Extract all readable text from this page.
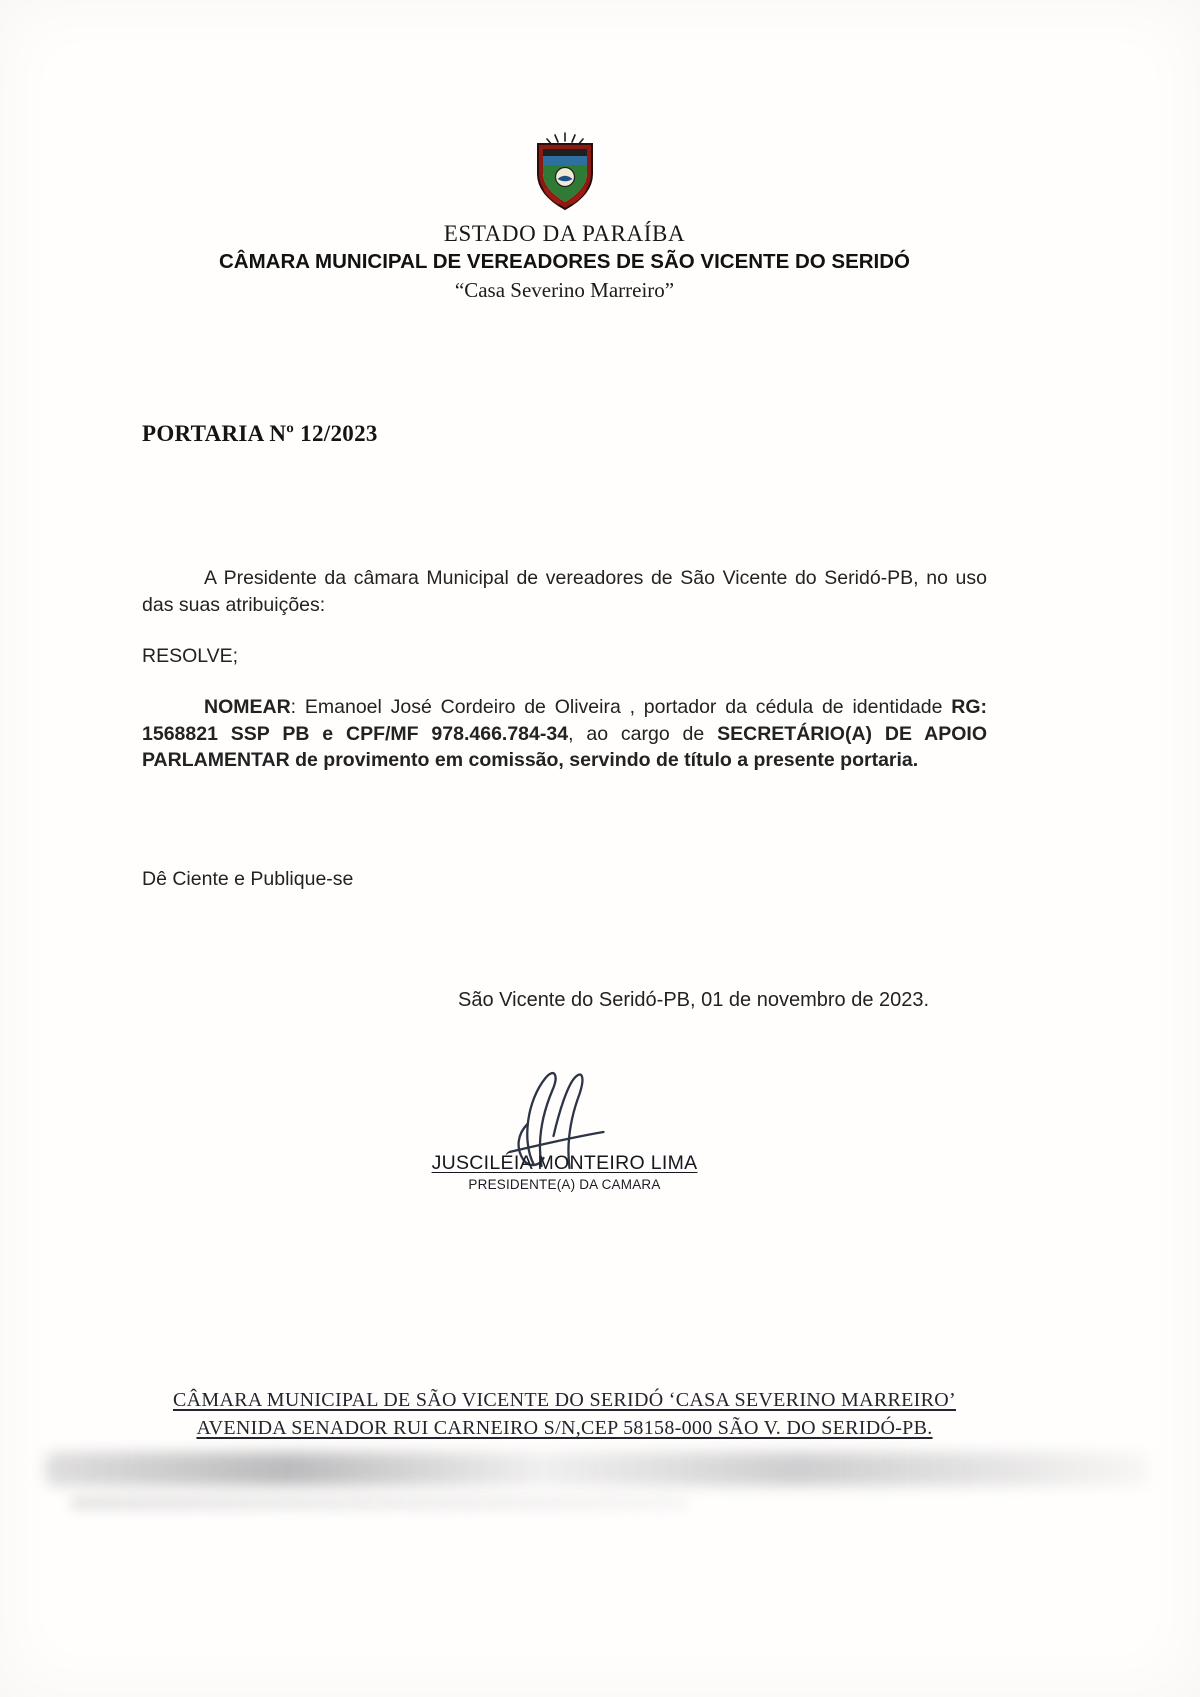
ESTADO DA PARAÍBA
CÂMARA MUNICIPAL DE VEREADORES DE SÃO VICENTE DO SERIDÓ
“Casa Severino Marreiro”
PORTARIA Nº 12/2023

A Presidente da câmara Municipal de vereadores de São Vicente do Seridó-PB, no uso das suas atribuições:

RESOLVE;

NOMEAR: Emanoel José Cordeiro de Oliveira , portador da cédula de identidade RG: 1568821 SSP PB e CPF/MF 978.466.784-34, ao cargo de SECRETÁRIO(A) DE APOIO PARLAMENTAR de provimento em comissão, servindo de título a presente portaria.

Dê Ciente e Publique-se

São Vicente do Seridó-PB, 01 de novembro de 2023.
JUSCILÉIA MONTEIRO LIMA
PRESIDENTE(A) DA CAMARA
CÂMARA MUNICIPAL DE SÃO VICENTE DO SERIDÓ ‘CASA SEVERINO MARREIRO’
AVENIDA SENADOR RUI CARNEIRO S/N,CEP 58158-000 SÃO V. DO SERIDÓ-PB.
